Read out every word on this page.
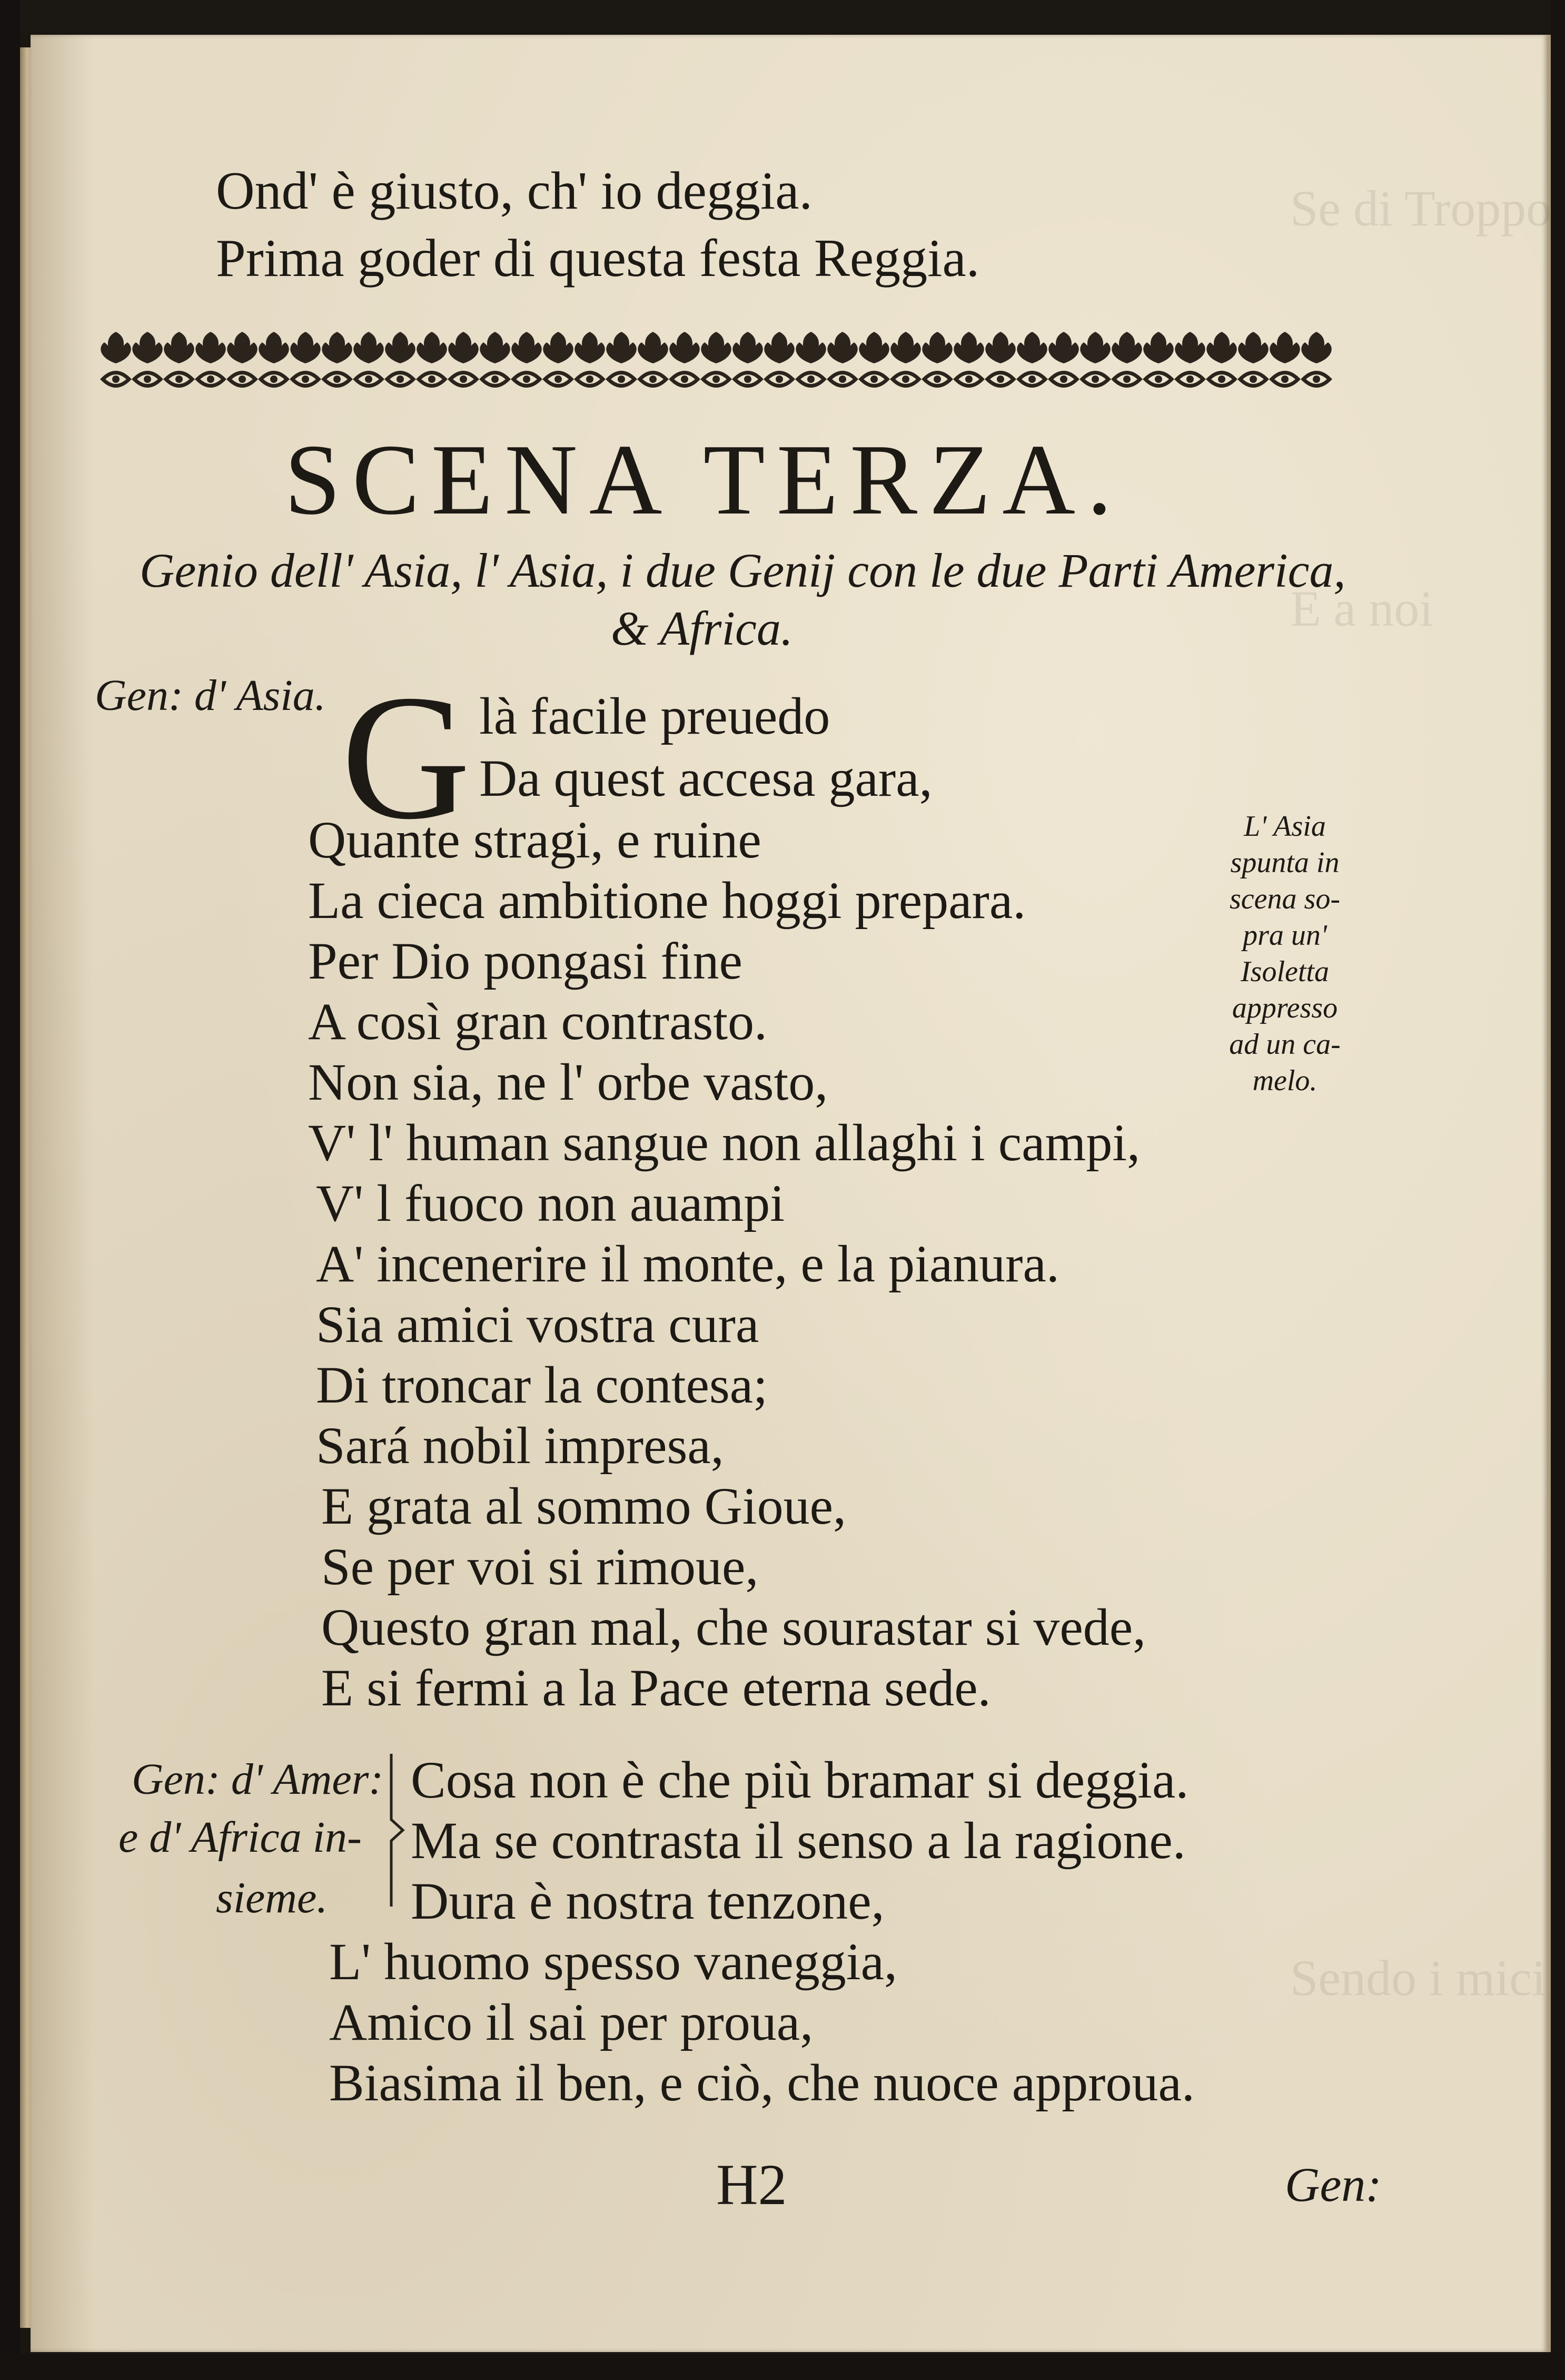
Se di Troppo
E a noi
Sendo i mici
Ond' è giusto, ch' io deggia.
Prima goder di questa festa Reggia.
SCENA TERZA.
Genio dell' Asia, l' Asia, i due Genij con le due Parti America,
& Africa.
Gen: d' Asia. G là facile preuedo
Da quest accesa gara,
Quante stragi, e ruine
La cieca ambitione hoggi prepara.
Per Dio pongasi fine
A così gran contrasto.
Non sia, ne l' orbe vasto,
V' l' human sangue non allaghi i campi,
V' l fuoco non auampi
A' incenerire il monte, e la pianura.
Sia amici vostra cura
Di troncar la contesa;
Sará nobil impresa,
E grata al sommo Gioue,
Se per voi si rimoue,
Questo gran mal, che sourastar si vede,
E si fermi a la Pace eterna sede.
L' Asia
spunta in
scena so-
pra un'
Isoletta
appresso
ad un ca-
melo.
Gen: d' Amer:
e d' Africa in-
sieme.
Cosa non è che più bramar si deggia.
Ma se contrasta il senso a la ragione.
Dura è nostra tenzone,
L' huomo spesso vaneggia,
Amico il sai per proua,
Biasima il ben, e ciò, che nuoce approua.
H2	Gen:
